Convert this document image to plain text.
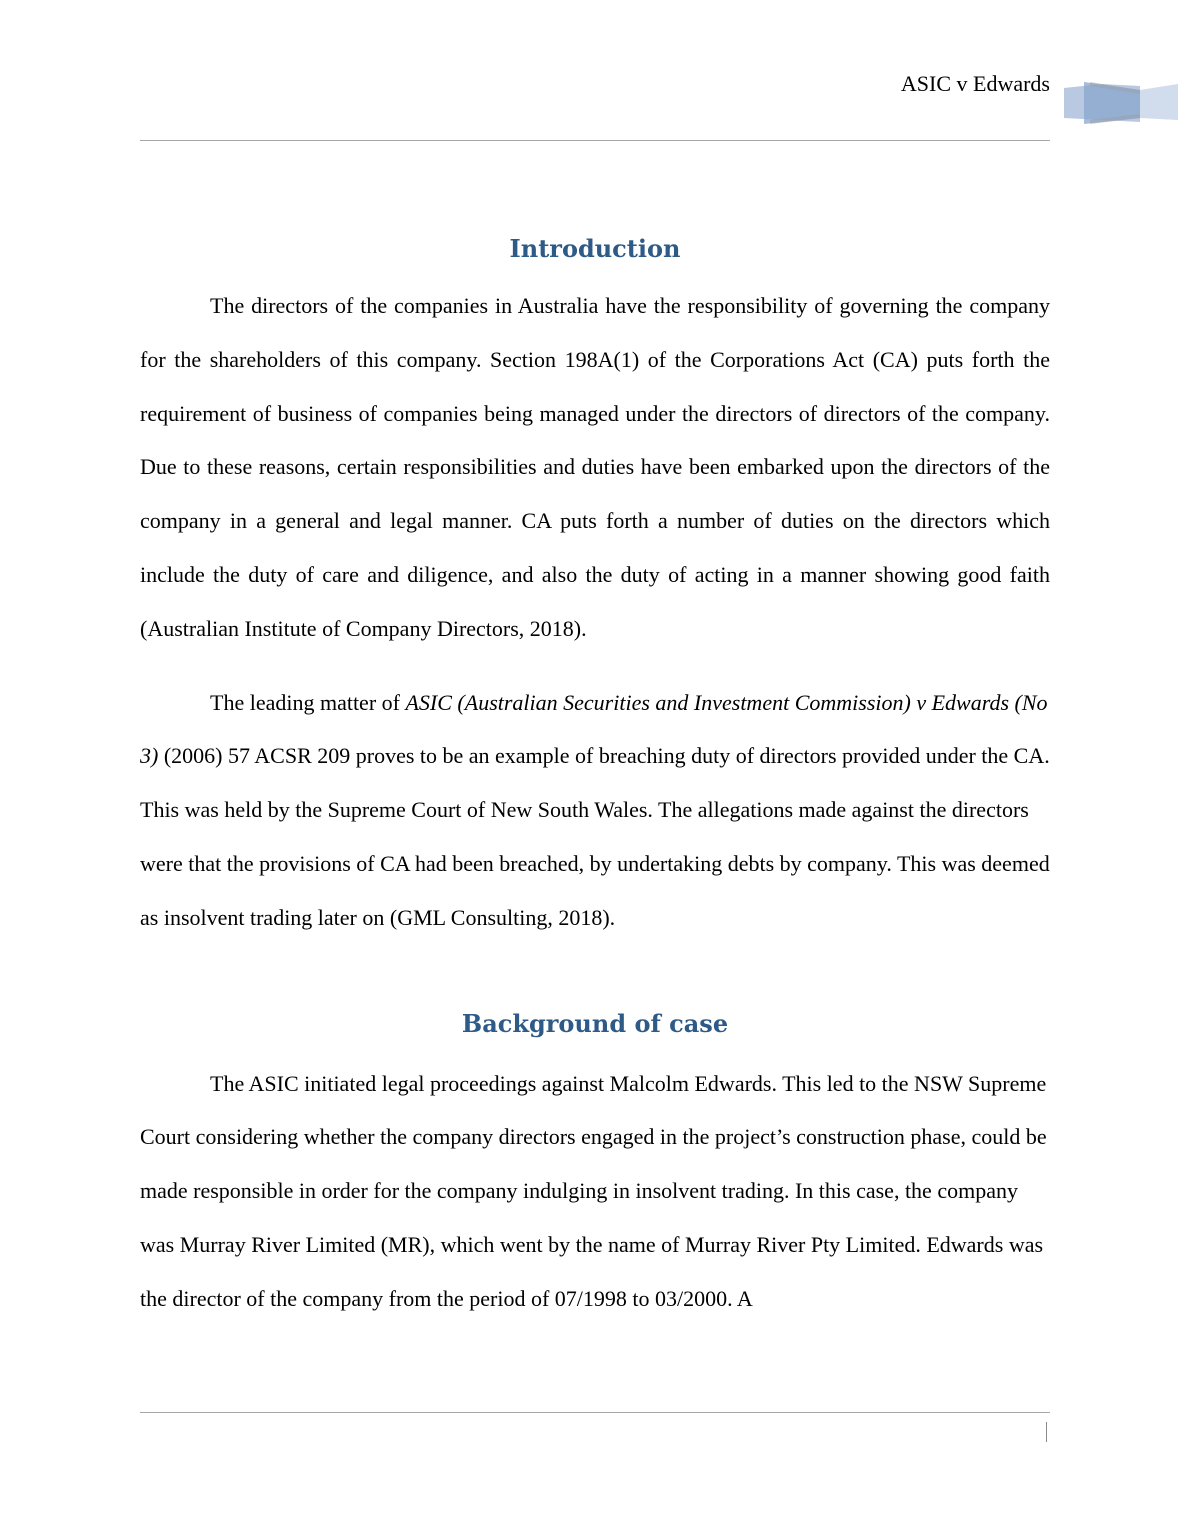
ASIC v Edwards
Introduction

The directors of the companies in Australia have the responsibility of governing the company for the shareholders of this company. Section 198A(1) of the Corporations Act (CA) puts forth the requirement of business of companies being managed under the directors of directors of the company. Due to these reasons, certain responsibilities and duties have been embarked upon the directors of the company in a general and legal manner. CA puts forth a number of duties on the directors which include the duty of care and diligence, and also the duty of acting in a manner showing good faith (Australian Institute of Company Directors, 2018).

The leading matter of ASIC (Australian Securities and Investment Commission) v Edwards (No 3) (2006) 57 ACSR 209 proves to be an example of breaching duty of directors provided under the CA. This was held by the Supreme Court of New South Wales. The allegations made against the directors were that the provisions of CA had been breached, by undertaking debts by company. This was deemed as insolvent trading later on (GML Consulting, 2018).

Background of case

The ASIC initiated legal proceedings against Malcolm Edwards. This led to the NSW Supreme Court considering whether the company directors engaged in the project’s construction phase, could be made responsible in order for the company indulging in insolvent trading. In this case, the company was Murray River Limited (MR), which went by the name of Murray River Pty Limited. Edwards was the director of the company from the period of 07/1998 to 03/2000. A
